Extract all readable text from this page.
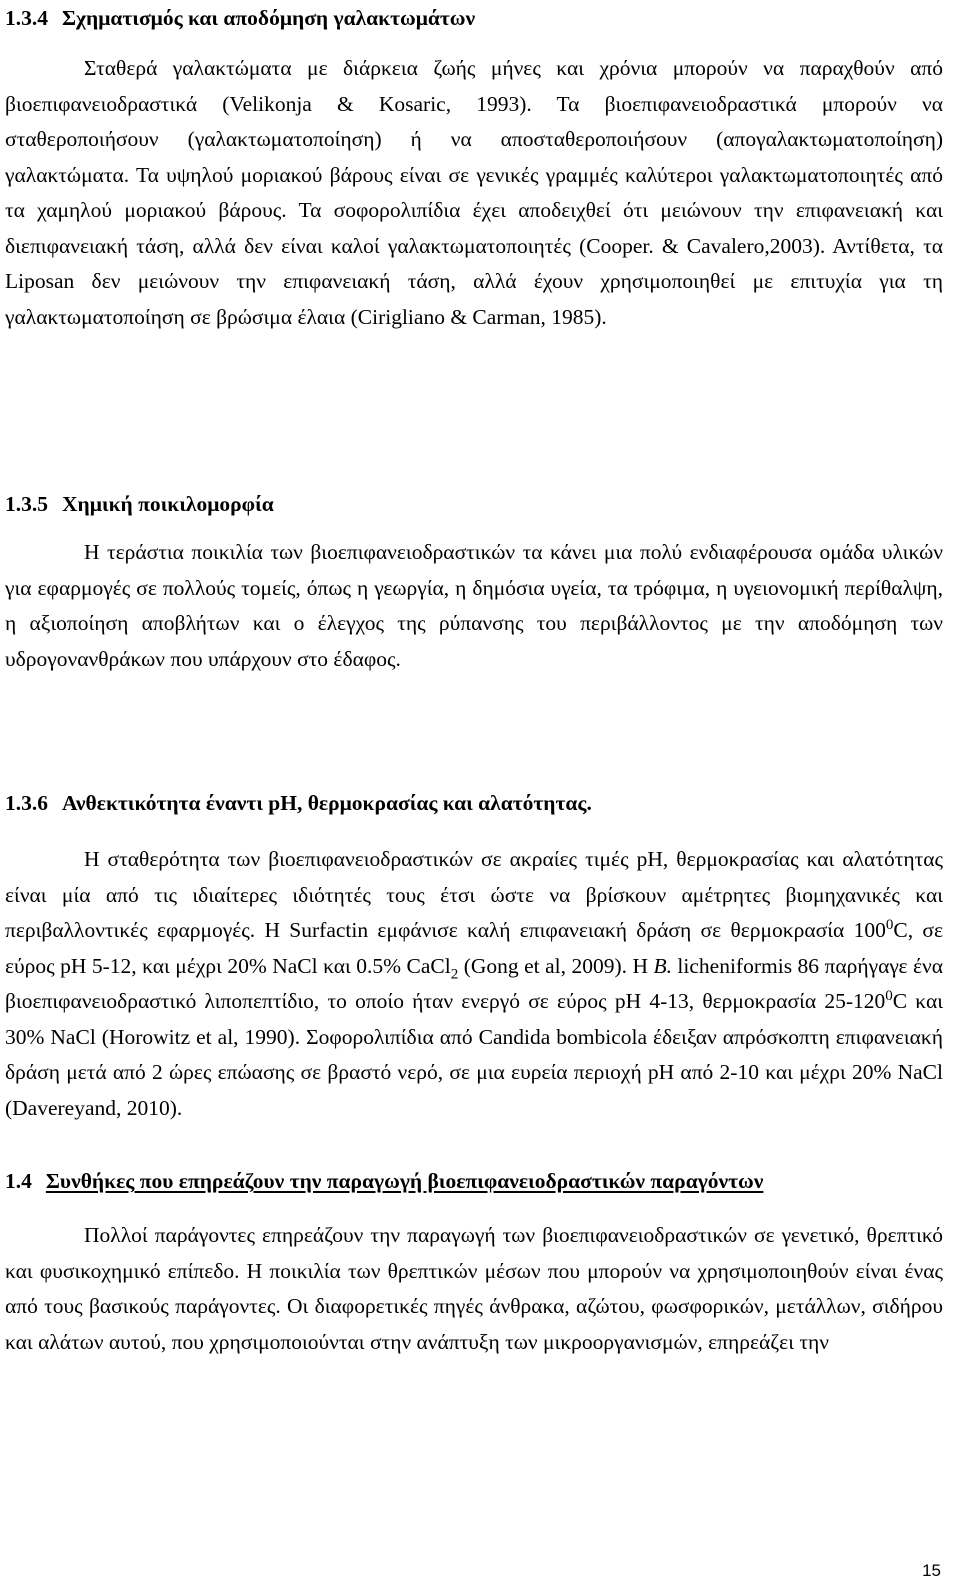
1.3.4 Σχηματισμός και αποδόμηση γαλακτωμάτων

Σταθερά γαλακτώματα με διάρκεια ζωής μήνες και χρόνια μπορούν να παραχθούν από βιοεπιφανειοδραστικά (Velikonja & Kosaric, 1993). Τα βιοεπιφανειοδραστικά μπορούν να σταθεροποιήσουν (γαλακτωματοποίηση) ή να αποσταθεροποιήσουν (απογαλακτωματοποίηση) γαλακτώματα. Τα υψηλού μοριακού βάρους είναι σε γενικές γραμμές καλύτεροι γαλακτωματοποιητές από τα χαμηλού μοριακού βάρους. Τα σοφορολιπίδια έχει αποδειχθεί ότι μειώνουν την επιφανειακή και διεπιφανειακή τάση, αλλά δεν είναι καλοί γαλακτωματοποιητές (Cooper. & Cavalero,2003). Αντίθετα, τα Liposan δεν μειώνουν την επιφανειακή τάση, αλλά έχουν χρησιμοποιηθεί με επιτυχία για τη γαλακτωματοποίηση σε βρώσιμα έλαια (Cirigliano & Carman, 1985).

1.3.5 Χημική ποικιλομορφία

Η τεράστια ποικιλία των βιοεπιφανειοδραστικών τα κάνει μια πολύ ενδιαφέρουσα ομάδα υλικών για εφαρμογές σε πολλούς τομείς, όπως η γεωργία, η δημόσια υγεία, τα τρόφιμα, η υγειονομική περίθαλψη, η αξιοποίηση αποβλήτων και ο έλεγχος της ρύπανσης του περιβάλλοντος με την αποδόμηση των υδρογονανθράκων που υπάρχουν στο έδαφος.

1.3.6 Ανθεκτικότητα έναντι pH, θερμοκρασίας και αλατότητας.

Η σταθερότητα των βιοεπιφανειοδραστικών σε ακραίες τιμές pH, θερμοκρασίας και αλατότητας είναι μία από τις ιδιαίτερες ιδιότητές τους έτσι ώστε να βρίσκουν αμέτρητες βιομηχανικές και περιβαλλοντικές εφαρμογές. Η Surfactin εμφάνισε καλή επιφανειακή δράση σε θερμοκρασία $100^0C$, σε εύρος pH 5-12, και μέχρι 20% NaCl και 0.5% CaCl$_2$ (Gong et al, 2009). Η B. licheniformis 86 παρήγαγε ένα βιοεπιφανειοδραστικό λιποπεπτίδιο, το οποίο ήταν ενεργό σε εύρος pH 4-13, θερμοκρασία $25-120^0C$ και 30% NaCl (Horowitz et al, 1990). Σοφορολιπίδια από Candida bombicola έδειξαν απρόσκοπτη επιφανειακή δράση μετά από 2 ώρες επώασης σε βραστό νερό, σε μια ευρεία περιοχή pH από 2-10 και μέχρι 20% NaCl (Davereyand, 2010).

1.4 Συνθήκες που επηρεάζουν την παραγωγή βιοεπιφανειοδραστικών παραγόντων

Πολλοί παράγοντες επηρεάζουν την παραγωγή των βιοεπιφανειοδραστικών σε γενετικό, θρεπτικό και φυσικοχημικό επίπεδο. Η ποικιλία των θρεπτικών μέσων που μπορούν να χρησιμοποιηθούν είναι ένας από τους βασικούς παράγοντες. Οι διαφορετικές πηγές άνθρακα, αζώτου, φωσφορικών, μετάλλων, σιδήρου και αλάτων αυτού, που χρησιμοποιούνται στην ανάπτυξη των μικροοργανισμών, επηρεάζει την

15
